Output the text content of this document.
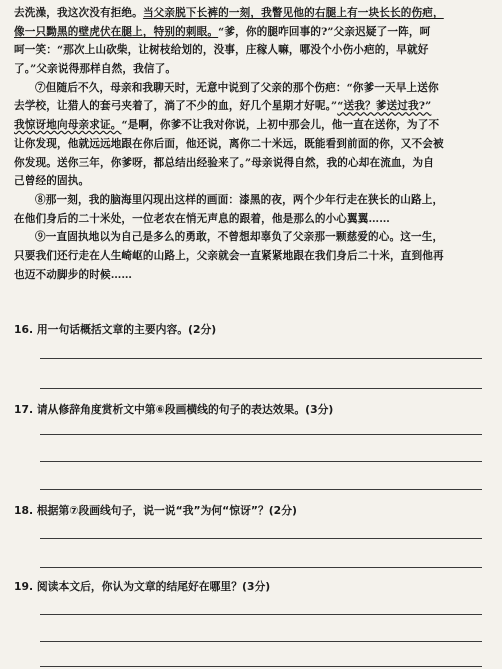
去洗澡，我这次没有拒绝。当父亲脱下长裤的一刻，我瞥见他的右腿上有一块长长的伤疤，
像一只黝黑的壁虎伏在腿上，特别的刺眼。“爹，你的腿咋回事的?”父亲迟疑了一阵，呵
呵一笑：“那次上山砍柴，让树枝给划的，没事，庄稼人嘛，哪没个小伤小疤的，早就好
了。”父亲说得那样自然，我信了。
⑦但随后不久，母亲和我聊天时，无意中说到了父亲的那个伤疤：“你爹一天早上送你
去学校，让猎人的套弓夹着了，淌了不少的血，好几个星期才好呢。”“送我？爹送过我?”
我惊讶地向母亲求证。“是啊，你爹不让我对你说，上初中那会儿，他一直在送你，为了不
让你发现，他就远远地跟在你后面，他还说，离你二十米远，既能看到前面的你，又不会被
你发现。送你三年，你爹呀，都总结出经验来了。”母亲说得自然，我的心却在流血，为自
己曾经的固执。
⑧那一刻，我的脑海里闪现出这样的画面：漆黑的夜，两个少年行走在狭长的山路上，
在他们身后的二十米处，一位老农在悄无声息的跟着，他是那么的小心翼翼……
⑨一直固执地以为自己是多么的勇敢，不曾想却辜负了父亲那一颗慈爱的心。这一生，
只要我们还行走在人生崎岖的山路上，父亲就会一直紧紧地跟在我们身后二十米，直到他再
也迈不动脚步的时候……
16. 用一句话概括文章的主要内容。(2分)
17. 请从修辞角度赏析文中第⑥段画横线的句子的表达效果。(3分)
18. 根据第⑦段画线句子，说一说“我”为何“惊讶”？(2分)
19. 阅读本文后，你认为文章的结尾好在哪里？(3分)
